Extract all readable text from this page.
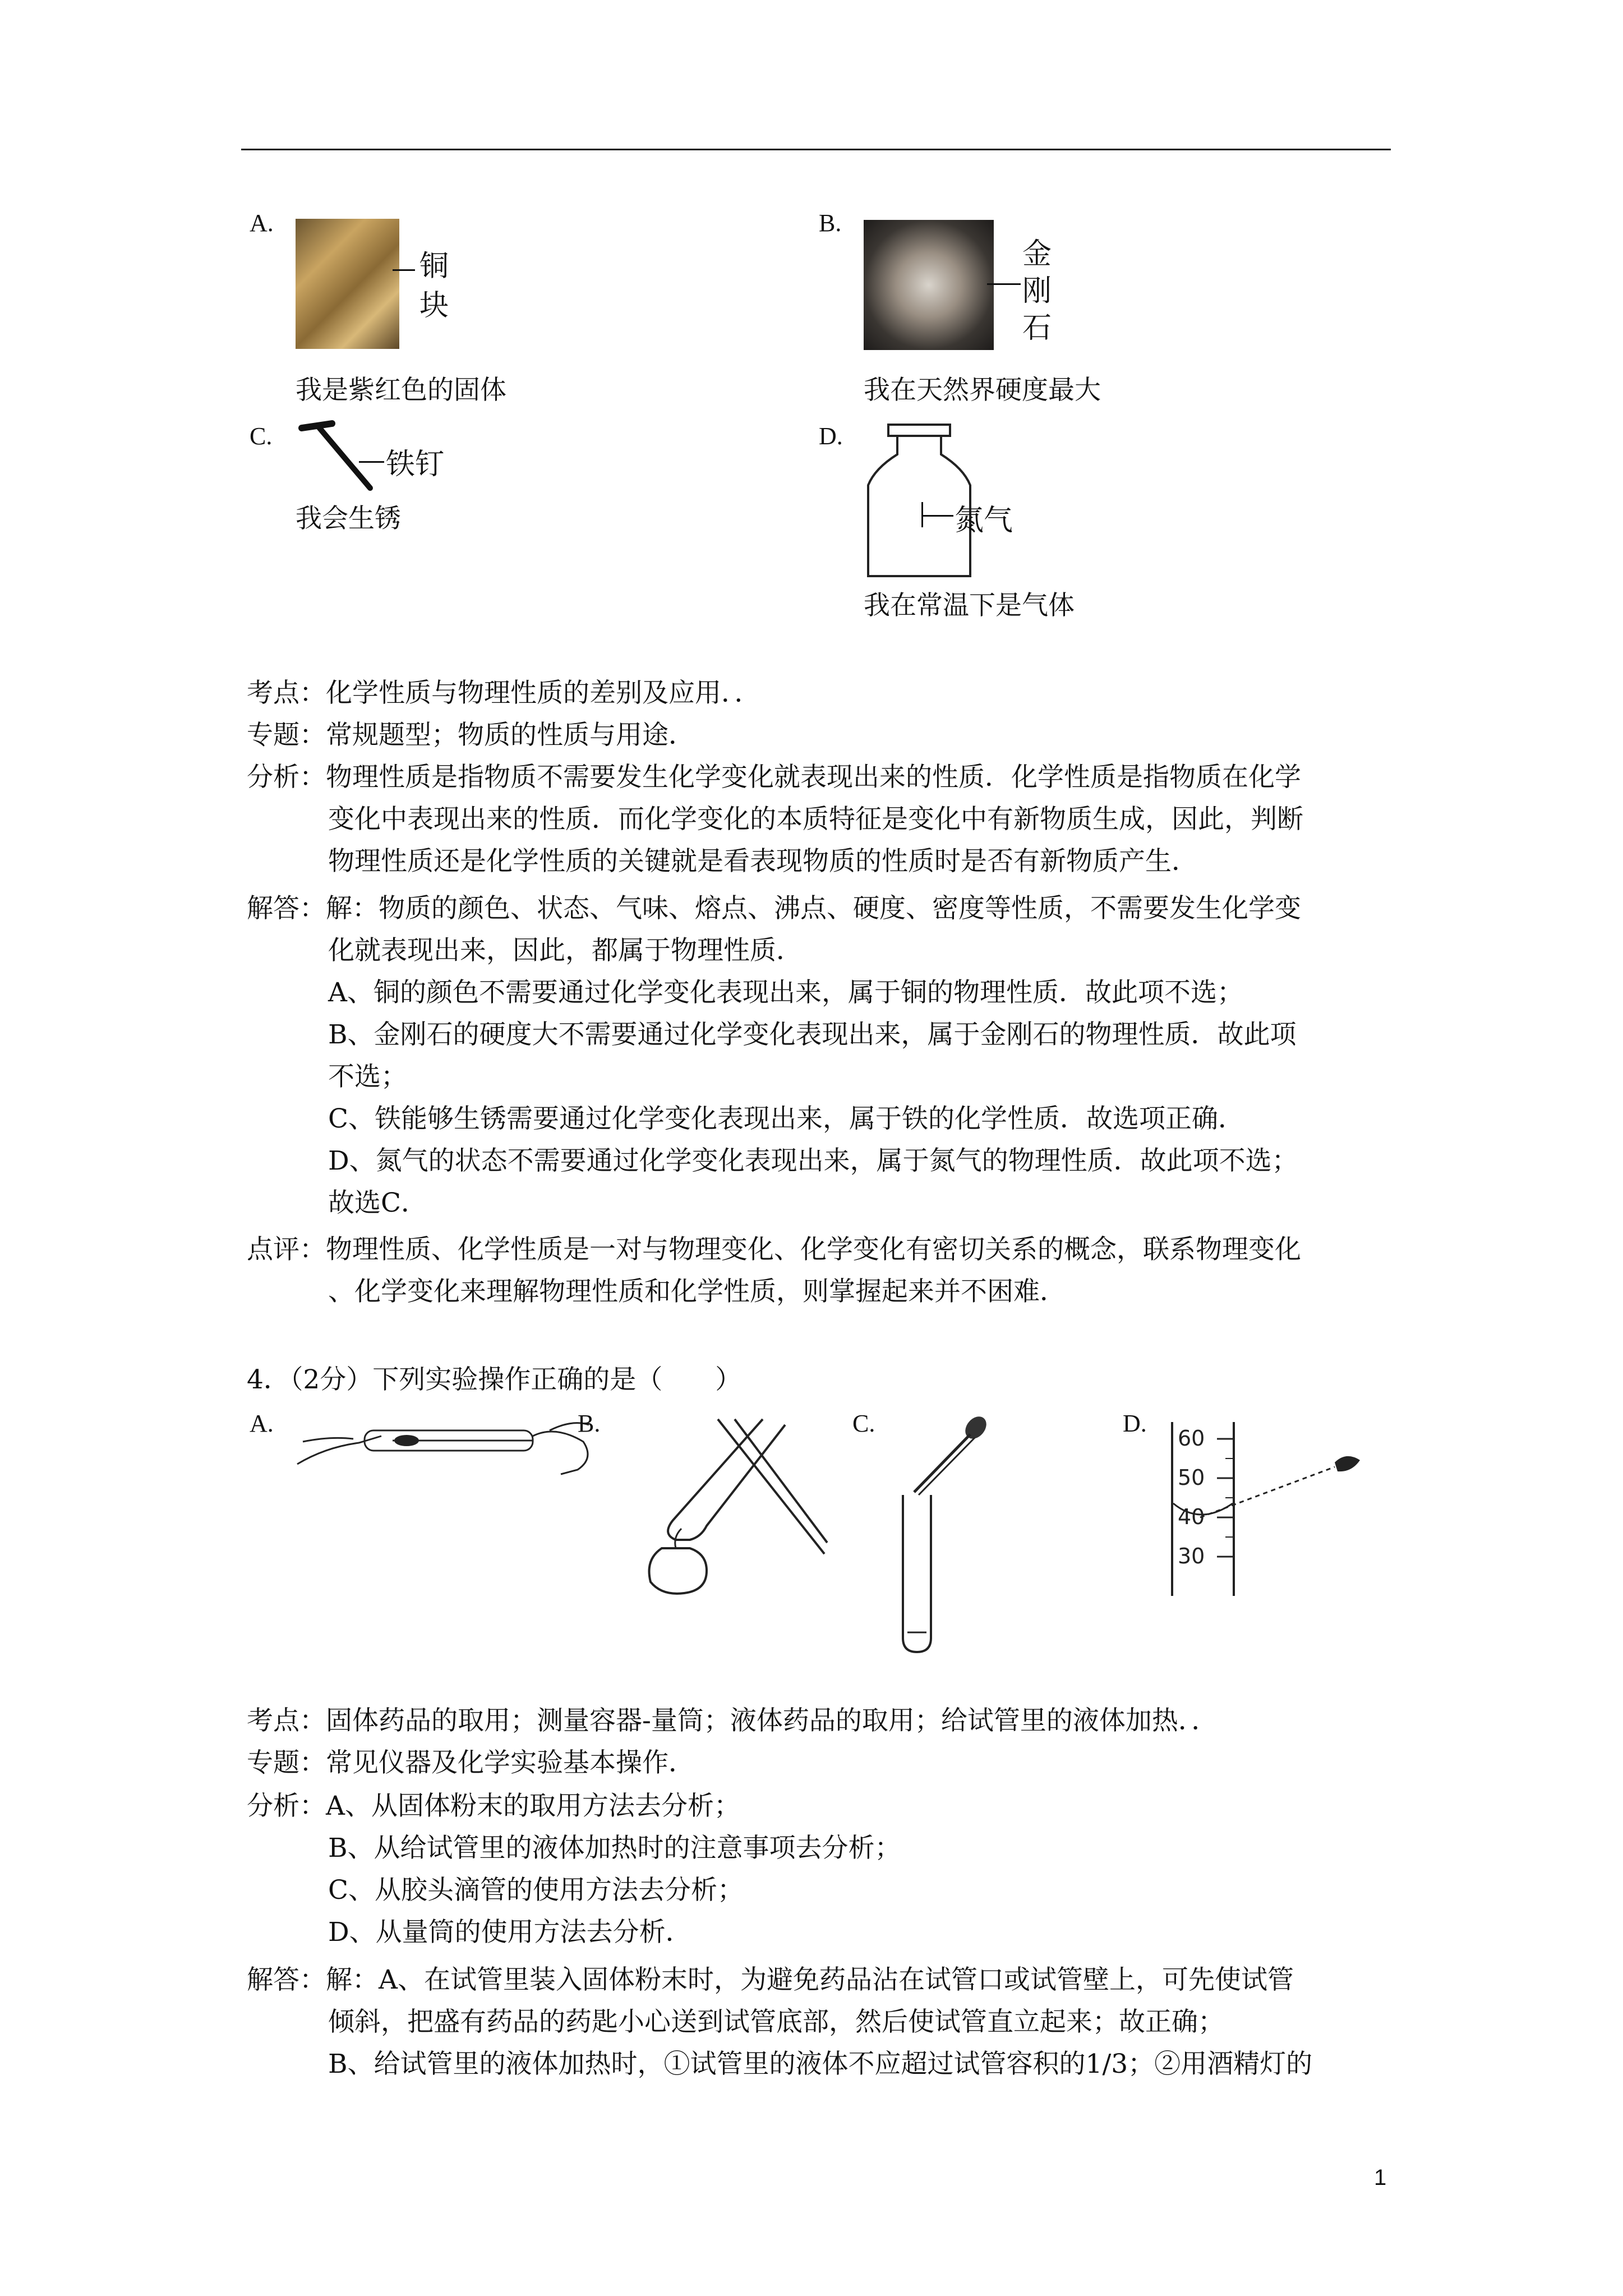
A.
铜
块
我是紫红色的固体
B.
金
刚
石
我在天然界硬度最大
C.
铁钉
我会生锈
D.
氮气
我在常温下是气体
考点：化学性质与物理性质的差别及应用．．
专题：常规题型；物质的性质与用途．
分析：物理性质是指物质不需要发生化学变化就表现出来的性质．化学性质是指物质在化学
变化中表现出来的性质．而化学变化的本质特征是变化中有新物质生成，因此，判断
物理性质还是化学性质的关键就是看表现物质的性质时是否有新物质产生．
解答：解：物质的颜色、状态、气味、熔点、沸点、硬度、密度等性质，不需要发生化学变
化就表现出来，因此，都属于物理性质．
A、铜的颜色不需要通过化学变化表现出来，属于铜的物理性质．故此项不选；
B、金刚石的硬度大不需要通过化学变化表现出来，属于金刚石的物理性质．故此项
不选；
C、铁能够生锈需要通过化学变化表现出来，属于铁的化学性质．故选项正确．
D、氮气的状态不需要通过化学变化表现出来，属于氮气的物理性质．故此项不选；
故选C．
点评：物理性质、化学性质是一对与物理变化、化学变化有密切关系的概念，联系物理变化
、化学变化来理解物理性质和化学性质，则掌握起来并不困难．
4．（2分）下列实验操作正确的是（　　）
A.	B.	C.	D.
60
50
40
30
考点：固体药品的取用；测量容器-量筒；液体药品的取用；给试管里的液体加热．．
专题：常见仪器及化学实验基本操作．
分析：A、从固体粉末的取用方法去分析；
B、从给试管里的液体加热时的注意事项去分析；
C、从胶头滴管的使用方法去分析；
D、从量筒的使用方法去分析．
解答：解：A、在试管里装入固体粉末时，为避免药品沾在试管口或试管壁上，可先使试管
倾斜，把盛有药品的药匙小心送到试管底部，然后使试管直立起来；故正确；
B、给试管里的液体加热时，①试管里的液体不应超过试管容积的1/3；②用酒精灯的
1
